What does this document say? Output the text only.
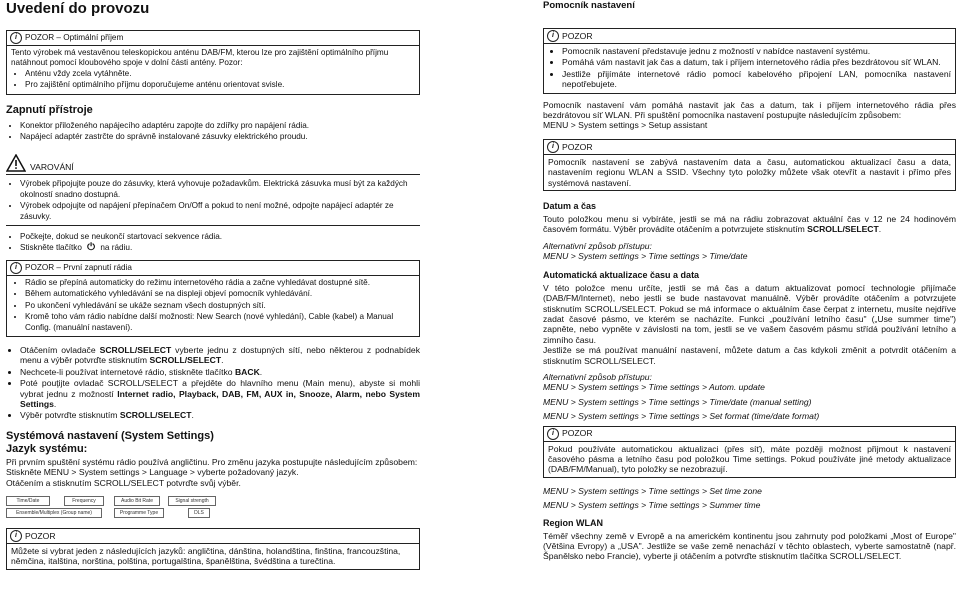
Uvedení do provozu
i POZOR – Optimální příjem
Tento výrobek má vestavěnou teleskopickou anténu DAB/FM, kterou lze pro zajištění optimálního příjmu natáhnout pomocí kloubového spoje v dolní části antény. Pozor:
• Anténu vždy zcela vytáhněte.
• Pro zajištění optimálního příjmu doporučujeme anténu orientovat svisle.
Zapnutí přístroje
• Konektor přiloženého napájecího adaptéru zapojte do zdířky pro napájení rádia.
• Napájecí adaptér zastrčte do správně instalované zásuvky elektrického proudu.
VAROVÁNÍ
• Výrobek připojujte pouze do zásuvky, která vyhovuje požadavkům. Elektrická zásuvka musí být za každých okolností snadno dostupná.
• Výrobek odpojujte od napájení přepínačem On/Off a pokud to není možné, odpojte napájecí adaptér ze zásuvky.
• Počkejte, dokud se neukončí startovací sekvence rádia.
• Stiskněte tlačítko ⏻ na rádiu.
i POZOR – První zapnutí rádia
• Rádio se přepíná automaticky do režimu internetového rádia a začne vyhledávat dostupné sítě.
• Během automatického vyhledávání se na displeji objeví pomocník vyhledávání.
• Po ukončení vyhledávání se ukáže seznam všech dostupných sítí.
• Kromě toho vám rádio nabídne další možnosti: New Search (nové vyhledání), Cable (kabel) a Manual Config. (manuální nastavení).
• Otáčením ovladače SCROLL/SELECT vyberte jednu z dostupných sítí, nebo některou z podnabídek menu a výběr potvrďte stisknutím SCROLL/SELECT.
• Nechcete-li používat internetové rádio, stiskněte tlačítko BACK.
• Poté pouţijte ovladač SCROLL/SELECT a přejděte do hlavního menu (Main menu), abyste si mohli vybrat jednu z možností Internet radio, Playback, DAB, FM, AUX in, Snooze, Alarm, nebo System Settings.
• Výběr potvrďte stisknutím SCROLL/SELECT.
Systémová nastavení (System Settings)
Jazyk systému:

Při prvním spuštění systému rádio používá angličtinu. Pro změnu jazyka postupujte následujícím způsobem:

Stiskněte MENU > System settings > Language > vyberte požadovaný jazyk.
Otáčením a stisknutím SCROLL/SELECT potvrďte svůj výběr.
Time/Date	Frequency	Audio Bit Rate	Signal strength
Ensemble/Multiplex (Group name)	Programme Type	DLS
i POZOR
Můžete si vybrat jeden z následujících jazyků: angličtina, dánština, holandština, finština, francouzština, němčina, italština, norština, polština, portugalština, španělština, švédština a turečtina.
Pomocník nastavení
i POZOR
• Pomocník nastavení představuje jednu z možností v nabídce nastavení systému.
• Pomáhá vám nastavit jak čas a datum, tak i příjem internetového rádia přes bezdrátovou síť WLAN.
• Jestliže přijímáte internetové rádio pomocí kabelového připojení LAN, pomocníka nastavení nepotřebujete.

Pomocník nastavení vám pomáhá nastavit jak čas a datum, tak i příjem internetového rádia přes bezdrátovou síť WLAN. Při spuštění pomocníka nastavení postupujte následujícím způsobem:

MENU > System settings > Setup assistant
i POZOR
Pomocník nastavení se zabývá nastavením data a času, automatickou aktualizací času a data, nastavením regionu WLAN a SSID. Všechny tyto položky můžete však otevřít a nastavit i přímo přes systémová nastavení.
Datum a čas

Touto položkou menu si vybíráte, jestli se má na rádiu zobrazovat aktuální čas v 12 ne 24 hodinovém časovém formátu. Výběr provádíte otáčením a potvrzujete stisknutím SCROLL/SELECT.

Alternativní způsob přístupu:
MENU > System settings > Time settings > Time/date
Automatická aktualizace času a data

V této položce menu určíte, jestli se má čas a datum aktualizovat pomocí technologie přijímače (DAB/FM/Internet), nebo jestli se bude nastavovat manuálně. Výběr provádíte otáčením a potvrzujete stisknutím SCROLL/SELECT. Pokud se má informace o aktuálním čase čerpat z internetu, musíte nejdříve zadat časové pásmo, ve kterém se nacházíte. Funkci „používání letního času" („Use summer time") zapněte, nebo vypněte v závislosti na tom, jestli se ve vašem časovém pásmu střídá používání letního a zimního času.

Jestliže se má používat manuální nastavení, můžete datum a čas kdykoli změnit a potvrdit otáčením a stisknutím SCROLL/SELECT.

Alternativní způsob přístupu:
MENU > System settings > Time settings > Autom. update
MENU > System settings > Time settings > Time/date (manual setting)
MENU > System settings > Time settings > Set format (time/date format)
i POZOR
Pokud používáte automatickou aktualizaci (přes síť), máte později možnost přijmout k nastavení časového pásma a letního času pod položkou Time settings. Pokud používáte jiné metody aktualizace (DAB/FM/Manual), tyto položky se nezobrazují.
MENU > System settings > Time settings > Set time zone
MENU > System settings > Time settings > Summer time
Region WLAN

Téměř všechny země v Evropě a na americkém kontinentu jsou zahrnuty pod položkami „Most of Europe" (Většina Evropy) a „USA". Jestliže se vaše země nenachází v těchto oblastech, vyberte samostatně (např. Španělsko nebo Francie), vyberte ji otáčením a potvrďte stisknutím tlačítka SCROLL/SELECT.
